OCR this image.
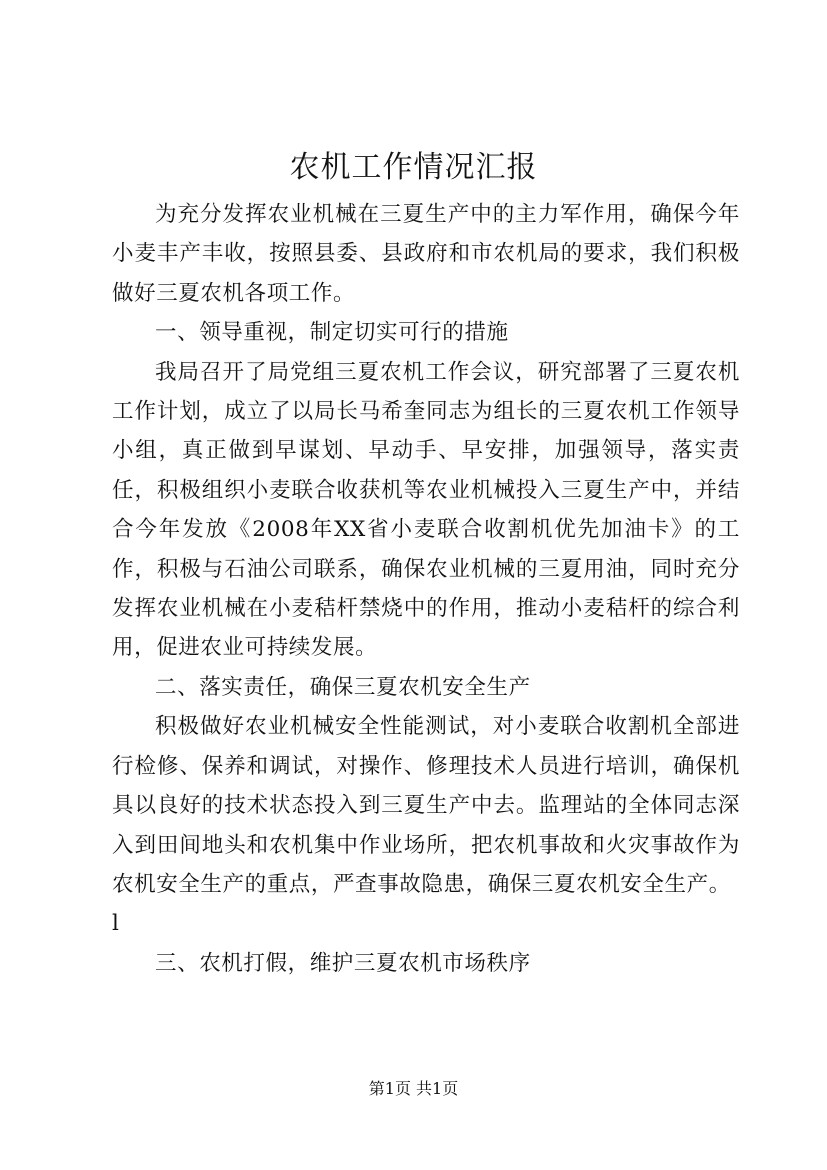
农机工作情况汇报

为充分发挥农业机械在三夏生产中的主力军作用，确保今年小麦丰产丰收，按照县委、县政府和市农机局的要求，我们积极做好三夏农机各项工作。

一、领导重视，制定切实可行的措施

我局召开了局党组三夏农机工作会议，研究部署了三夏农机工作计划，成立了以局长马希奎同志为组长的三夏农机工作领导小组，真正做到早谋划、早动手、早安排，加强领导，落实责任，积极组织小麦联合收获机等农业机械投入三夏生产中，并结合今年发放《2008年XX省小麦联合收割机优先加油卡》的工作，积极与石油公司联系，确保农业机械的三夏用油，同时充分发挥农业机械在小麦秸杆禁烧中的作用，推动小麦秸杆的综合利用，促进农业可持续发展。

二、落实责任，确保三夏农机安全生产

积极做好农业机械安全性能测试，对小麦联合收割机全部进行检修、保养和调试，对操作、修理技术人员进行培训，确保机具以良好的技术状态投入到三夏生产中去。监理站的全体同志深入到田间地头和农机集中作业场所，把农机事故和火灾事故作为农机安全生产的重点，严查事故隐患，确保三夏农机安全生产。

l

三、农机打假，维护三夏农机市场秩序

第1页 共1页
